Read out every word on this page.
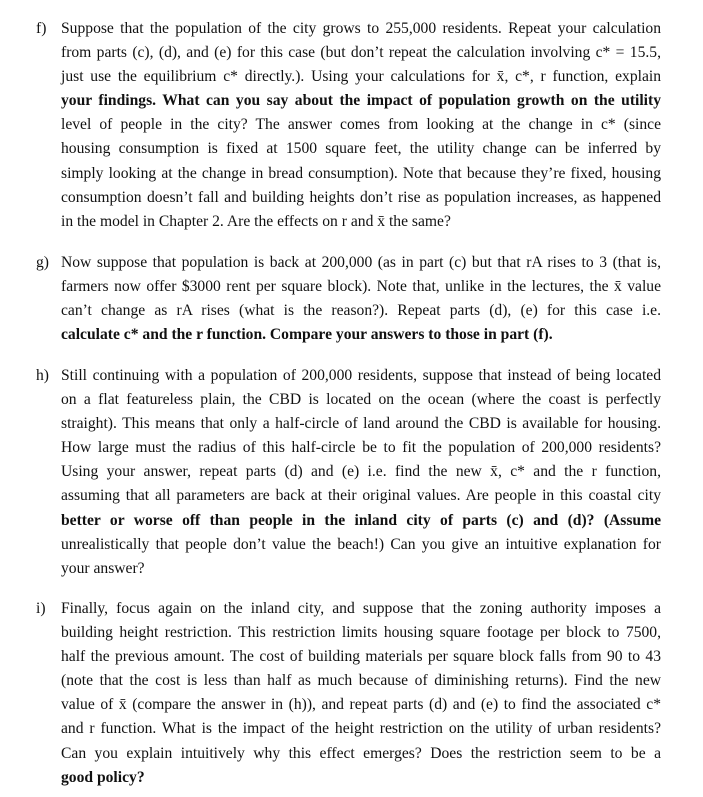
f) Suppose that the population of the city grows to 255,000 residents. Repeat your calculation
from parts (c), (d), and (e) for this case (but don’t repeat the calculation involving c* = 15.5,
just use the equilibrium c* directly.). Using your calculations for x̄, c*, r function, explain
your findings. What can you say about the impact of population growth on the utility
level of people in the city? The answer comes from looking at the change in c* (since
housing consumption is fixed at 1500 square feet, the utility change can be inferred by
simply looking at the change in bread consumption). Note that because they’re fixed, housing
consumption doesn’t fall and building heights don’t rise as population increases, as happened
in the model in Chapter 2. Are the effects on r and x̄ the same?
g) Now suppose that population is back at 200,000 (as in part (c) but that rA rises to 3 (that is,
farmers now offer $3000 rent per square block). Note that, unlike in the lectures, the x̄ value
can’t change as rA rises (what is the reason?). Repeat parts (d), (e) for this case i.e.
calculate c* and the r function. Compare your answers to those in part (f).
h) Still continuing with a population of 200,000 residents, suppose that instead of being located
on a flat featureless plain, the CBD is located on the ocean (where the coast is perfectly
straight). This means that only a half-circle of land around the CBD is available for housing.
How large must the radius of this half-circle be to fit the population of 200,000 residents?
Using your answer, repeat parts (d) and (e) i.e. find the new x̄, c* and the r function,
assuming that all parameters are back at their original values. Are people in this coastal city
better or worse off than people in the inland city of parts (c) and (d)? (Assume
unrealistically that people don’t value the beach!) Can you give an intuitive explanation for
your answer?
i) Finally, focus again on the inland city, and suppose that the zoning authority imposes a
building height restriction. This restriction limits housing square footage per block to 7500,
half the previous amount. The cost of building materials per square block falls from 90 to 43
(note that the cost is less than half as much because of diminishing returns). Find the new
value of x̄ (compare the answer in (h)), and repeat parts (d) and (e) to find the associated c*
and r function. What is the impact of the height restriction on the utility of urban residents?
Can you explain intuitively why this effect emerges? Does the restriction seem to be a
good policy?
